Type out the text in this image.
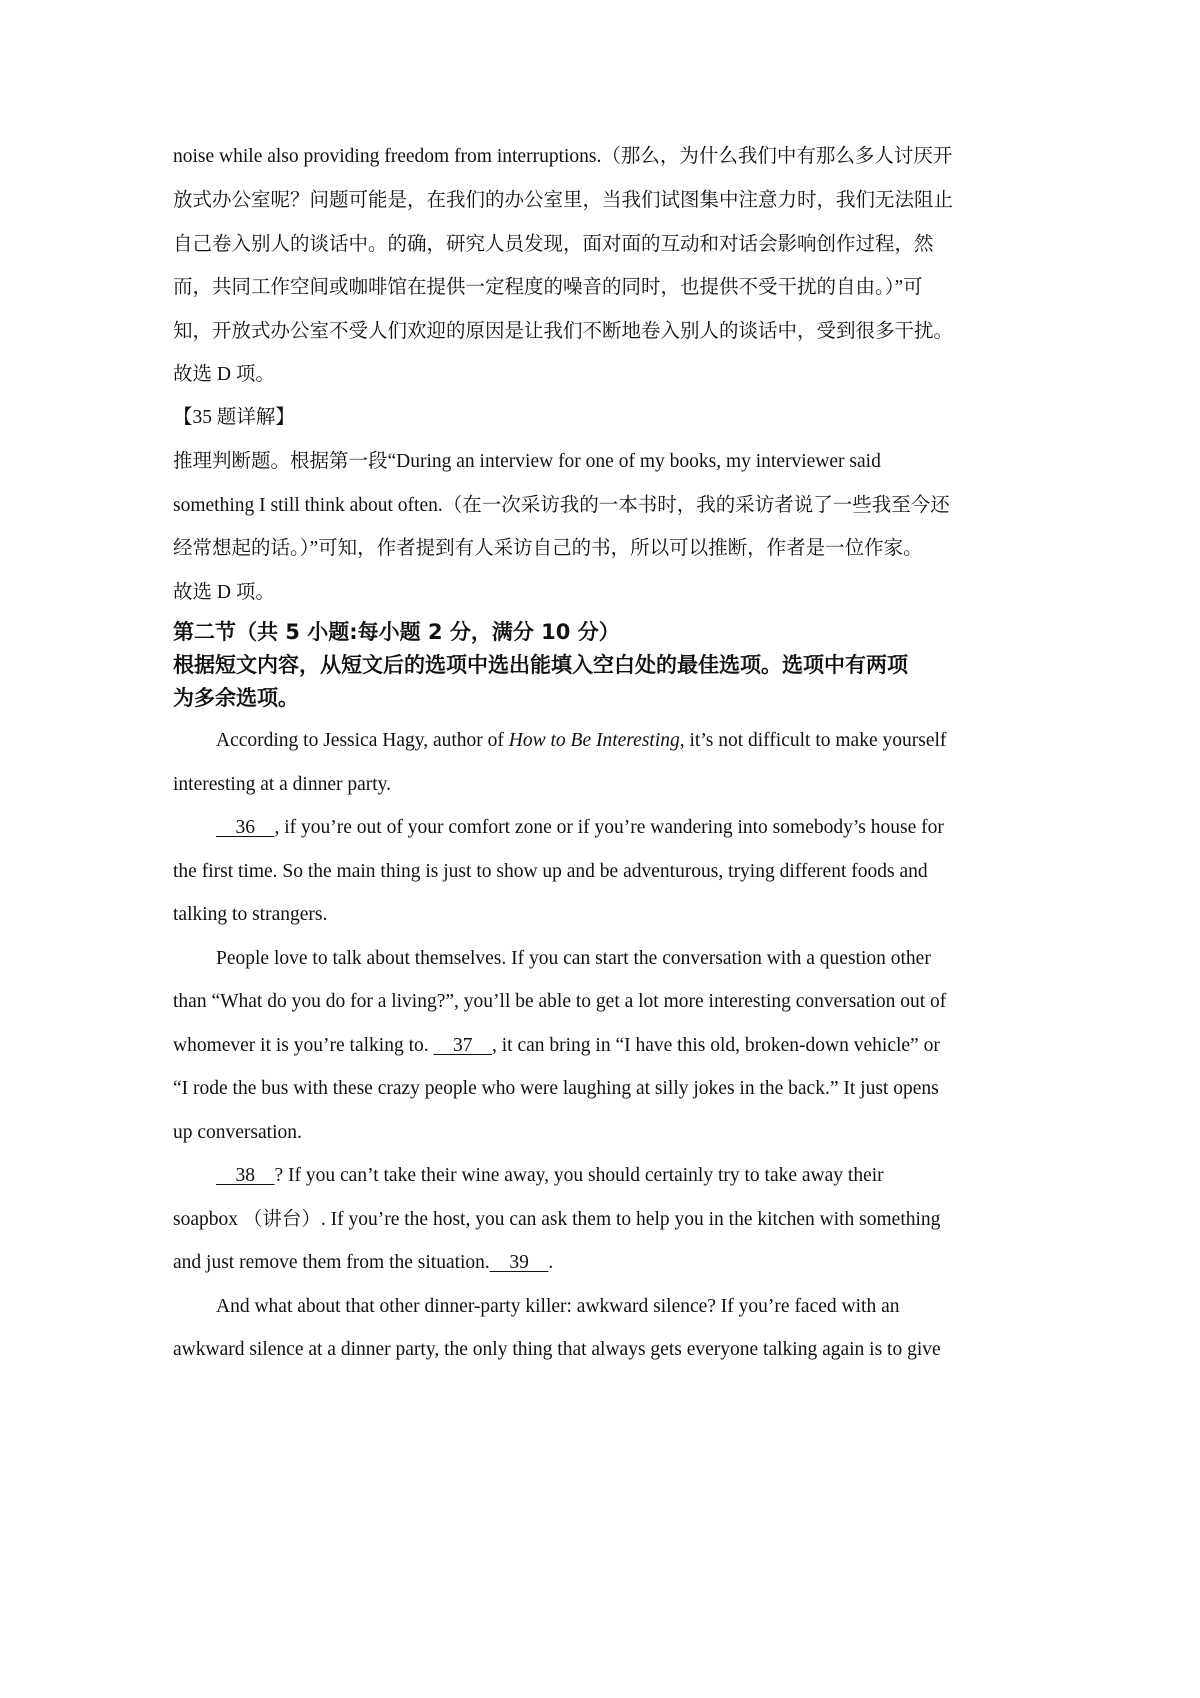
noise while also providing freedom from interruptions.（那么，为什么我们中有那么多人讨厌开
放式办公室呢？问题可能是，在我们的办公室里，当我们试图集中注意力时，我们无法阻止
自己卷入别人的谈话中。的确，研究人员发现，面对面的互动和对话会影响创作过程，然
而，共同工作空间或咖啡馆在提供一定程度的噪音的同时，也提供不受干扰的自由。）”可
知，开放式办公室不受人们欢迎的原因是让我们不断地卷入别人的谈话中，受到很多干扰。
故选 D 项。
【35 题详解】
推理判断题。根据第一段“During an interview for one of my books, my interviewer said
something I still think about often.（在一次采访我的一本书时，我的采访者说了一些我至今还
经常想起的话。）”可知，作者提到有人采访自己的书，所以可以推断，作者是一位作家。
故选 D 项。
第二节（共 5 小题:每小题 2 分，满分 10 分）
根据短文内容，从短文后的选项中选出能填入空白处的最佳选项。选项中有两项
为多余选项。
According to Jessica Hagy, author of How to Be Interesting, it’s not difficult to make yourself
interesting at a dinner party.
36    , if you’re out of your comfort zone or if you’re wandering into somebody’s house for
the first time. So the main thing is just to show up and be adventurous, trying different foods and
talking to strangers.
People love to talk about themselves. If you can start the conversation with a question other
than “What do you do for a living?”, you’ll be able to get a lot more interesting conversation out of
whomever it is you’re talking to.     37    , it can bring in “I have this old, broken-down vehicle” or
“I rode the bus with these crazy people who were laughing at silly jokes in the back.” It just opens
up conversation.
38    ? If you can’t take their wine away, you should certainly try to take away their
soapbox （讲台）. If you’re the host, you can ask them to help you in the kitchen with something
and just remove them from the situation.    39    .
And what about that other dinner-party killer: awkward silence? If you’re faced with an
awkward silence at a dinner party, the only thing that always gets everyone talking again is to give
